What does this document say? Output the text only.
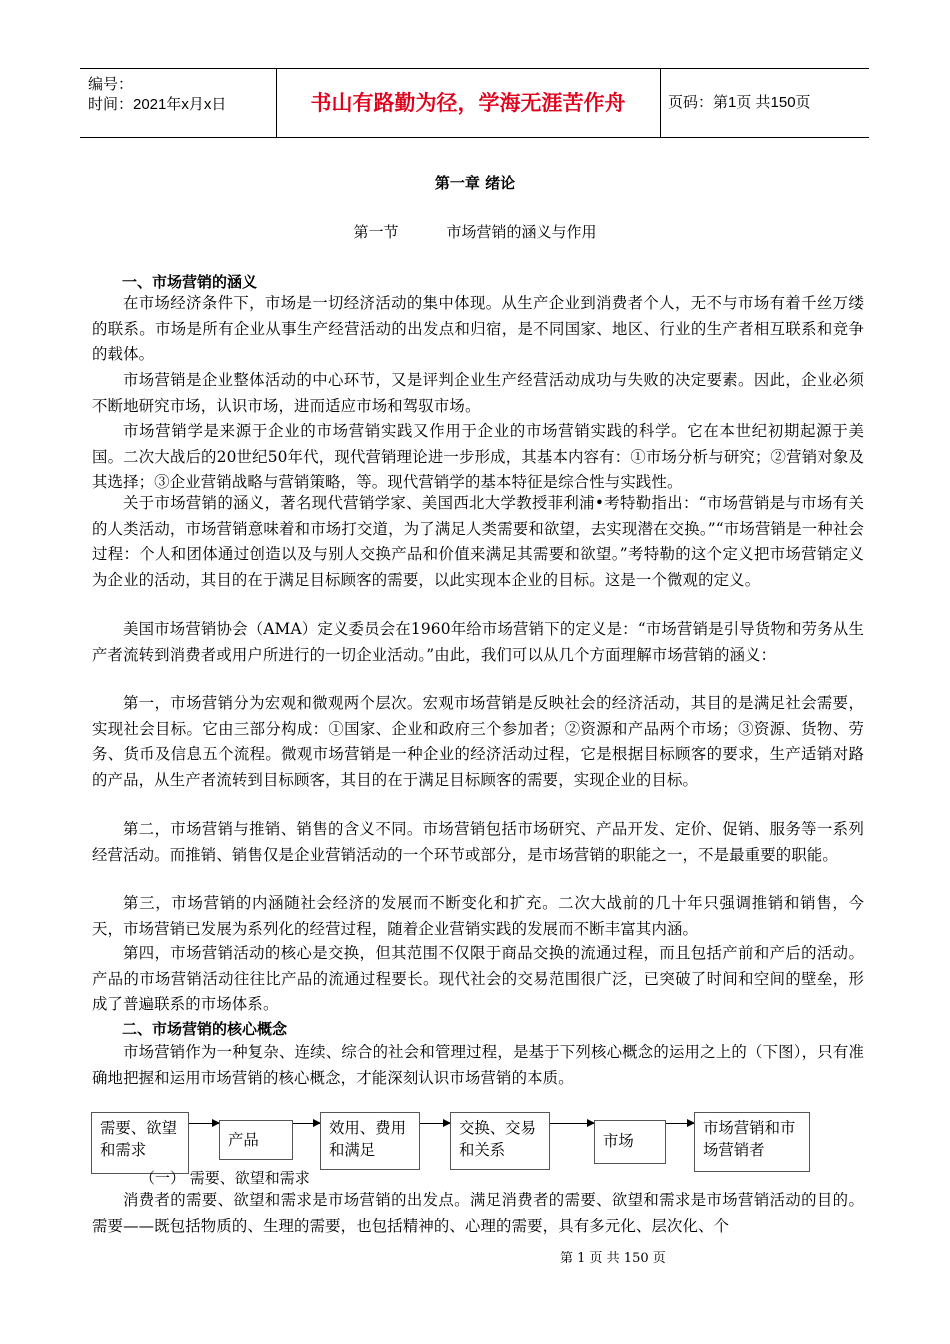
编号：
时间：2021年x月x日	书山有路勤为径，学海无涯苦作舟	页码：第1页 共150页
第一章 绪论
第一节	市场营销的涵义与作用
一、市场营销的涵义
在市场经济条件下，市场是一切经济活动的集中体现。从生产企业到消费者个人，无不与市场有着千丝万缕的联系。市场是所有企业从事生产经营活动的出发点和归宿，是不同国家、地区、行业的生产者相互联系和竞争的载体。
市场营销是企业整体活动的中心环节，又是评判企业生产经营活动成功与失败的决定要素。因此，企业必须不断地研究市场，认识市场，进而适应市场和驾驭市场。
市场营销学是来源于企业的市场营销实践又作用于企业的市场营销实践的科学。它在本世纪初期起源于美国。二次大战后的20世纪50年代，现代营销理论进一步形成，其基本内容有：①市场分析与研究；②营销对象及其选择；③企业营销战略与营销策略，等。现代营销学的基本特征是综合性与实践性。
关于市场营销的涵义，著名现代营销学家、美国西北大学教授菲利浦•考特勒指出：“市场营销是与市场有关的人类活动，市场营销意味着和市场打交道，为了满足人类需要和欲望，去实现潜在交换。”“市场营销是一种社会过程：个人和团体通过创造以及与别人交换产品和价值来满足其需要和欲望。”考特勒的这个定义把市场营销定义为企业的活动，其目的在于满足目标顾客的需要，以此实现本企业的目标。这是一个微观的定义。
美国市场营销协会（AMA）定义委员会在1960年给市场营销下的定义是：“市场营销是引导货物和劳务从生产者流转到消费者或用户所进行的一切企业活动。”由此，我们可以从几个方面理解市场营销的涵义：
第一，市场营销分为宏观和微观两个层次。宏观市场营销是反映社会的经济活动，其目的是满足社会需要，实现社会目标。它由三部分构成：①国家、企业和政府三个参加者；②资源和产品两个市场；③资源、货物、劳务、货币及信息五个流程。微观市场营销是一种企业的经济活动过程，它是根据目标顾客的要求，生产适销对路的产品，从生产者流转到目标顾客，其目的在于满足目标顾客的需要，实现企业的目标。
第二，市场营销与推销、销售的含义不同。市场营销包括市场研究、产品开发、定价、促销、服务等一系列经营活动。而推销、销售仅是企业营销活动的一个环节或部分，是市场营销的职能之一，不是最重要的职能。
第三，市场营销的内涵随社会经济的发展而不断变化和扩充。二次大战前的几十年只强调推销和销售，今天，市场营销已发展为系列化的经营过程，随着企业营销实践的发展而不断丰富其内涵。
第四，市场营销活动的核心是交换，但其范围不仅限于商品交换的流通过程，而且包括产前和产后的活动。产品的市场营销活动往往比产品的流通过程要长。现代社会的交易范围很广泛，已突破了时间和空间的壁垒，形成了普遍联系的市场体系。
二、市场营销的核心概念
市场营销作为一种复杂、连续、综合的社会和管理过程，是基于下列核心概念的运用之上的（下图），只有准确地把握和运用市场营销的核心概念，才能深刻认识市场营销的本质。
需要、欲望和需求
产品
效用、费用和满足
交换、交易和关系	市场
市场营销和市场营销者
（一） 需要、欲望和需求
消费者的需要、欲望和需求是市场营销的出发点。满足消费者的需要、欲望和需求是市场营销活动的目的。需要——既包括物质的、生理的需要，也包括精神的、心理的需要，具有多元化、层次化、个
第 1 页 共 150 页
